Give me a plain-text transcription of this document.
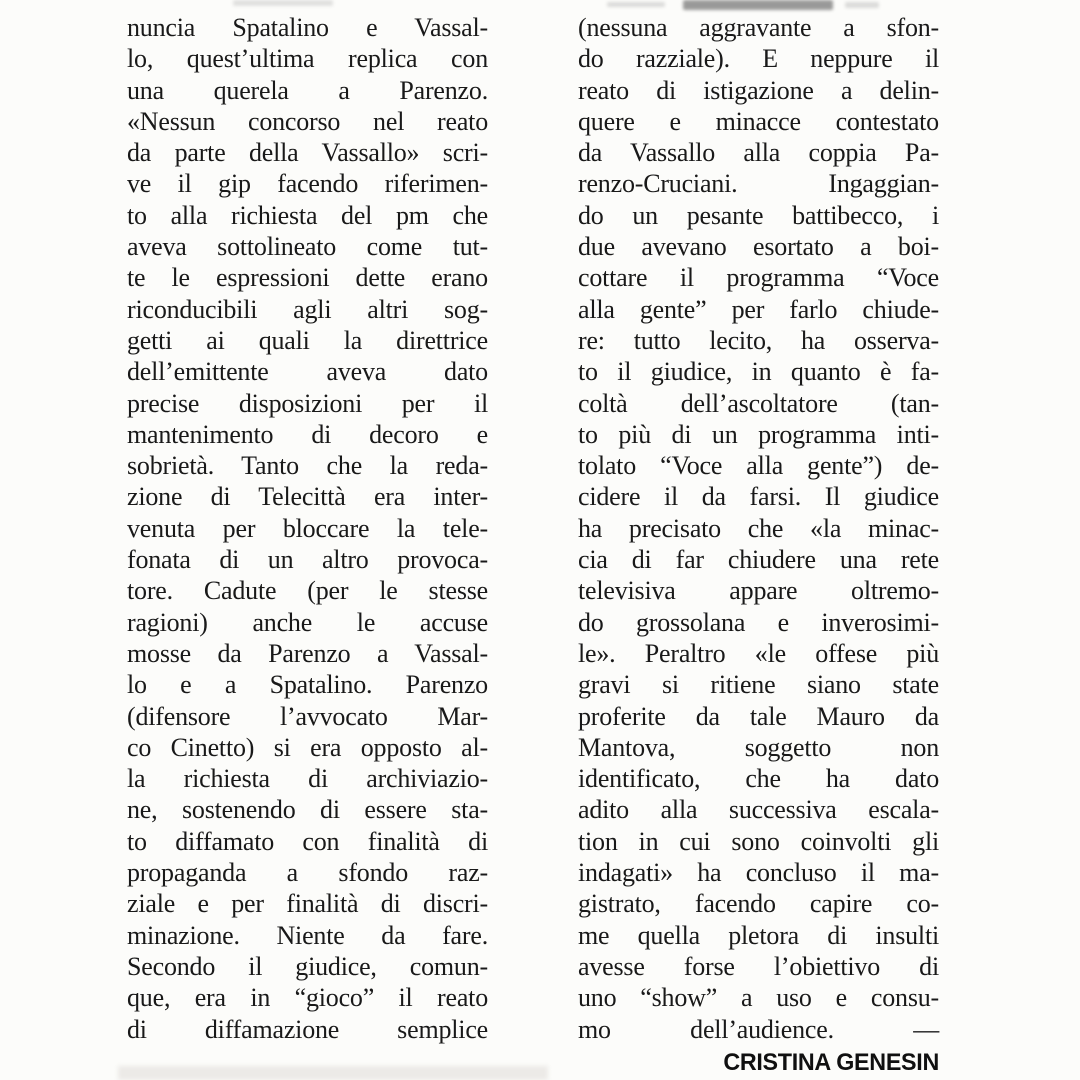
nuncia Spatalino e Vassal-
lo, quest’ultima replica con
una querela a Parenzo.
«Nessun concorso nel reato
da parte della Vassallo» scri-
ve il gip facendo riferimen-
to alla richiesta del pm che
aveva sottolineato come tut-
te le espressioni dette erano
riconducibili agli altri sog-
getti ai quali la direttrice
dell’emittente aveva dato
precise disposizioni per il
mantenimento di decoro e
sobrietà. Tanto che la reda-
zione di Telecittà era inter-
venuta per bloccare la tele-
fonata di un altro provoca-
tore. Cadute (per le stesse
ragioni) anche le accuse
mosse da Parenzo a Vassal-
lo e a Spatalino. Parenzo
(difensore l’avvocato Mar-
co Cinetto) si era opposto al-
la richiesta di archiviazio-
ne, sostenendo di essere sta-
to diffamato con finalità di
propaganda a sfondo raz-
ziale e per finalità di discri-
minazione. Niente da fare.
Secondo il giudice, comun-
que, era in “gioco” il reato
di diffamazione semplice
(nessuna aggravante a sfon-
do razziale). E neppure il
reato di istigazione a delin-
quere e minacce contestato
da Vassallo alla coppia Pa-
renzo-Cruciani. Ingaggian-
do un pesante battibecco, i
due avevano esortato a boi-
cottare il programma “Voce
alla gente” per farlo chiude-
re: tutto lecito, ha osserva-
to il giudice, in quanto è fa-
coltà dell’ascoltatore (tan-
to più di un programma inti-
tolato “Voce alla gente”) de-
cidere il da farsi. Il giudice
ha precisato che «la minac-
cia di far chiudere una rete
televisiva appare oltremo-
do grossolana e inverosimi-
le». Peraltro «le offese più
gravi si ritiene siano state
proferite da tale Mauro da
Mantova, soggetto non
identificato, che ha dato
adito alla successiva escala-
tion in cui sono coinvolti gli
indagati» ha concluso il ma-
gistrato, facendo capire co-
me quella pletora di insulti
avesse forse l’obiettivo di
uno “show” a uso e consu-
mo dell’audience. —
CRISTINA GENESIN
